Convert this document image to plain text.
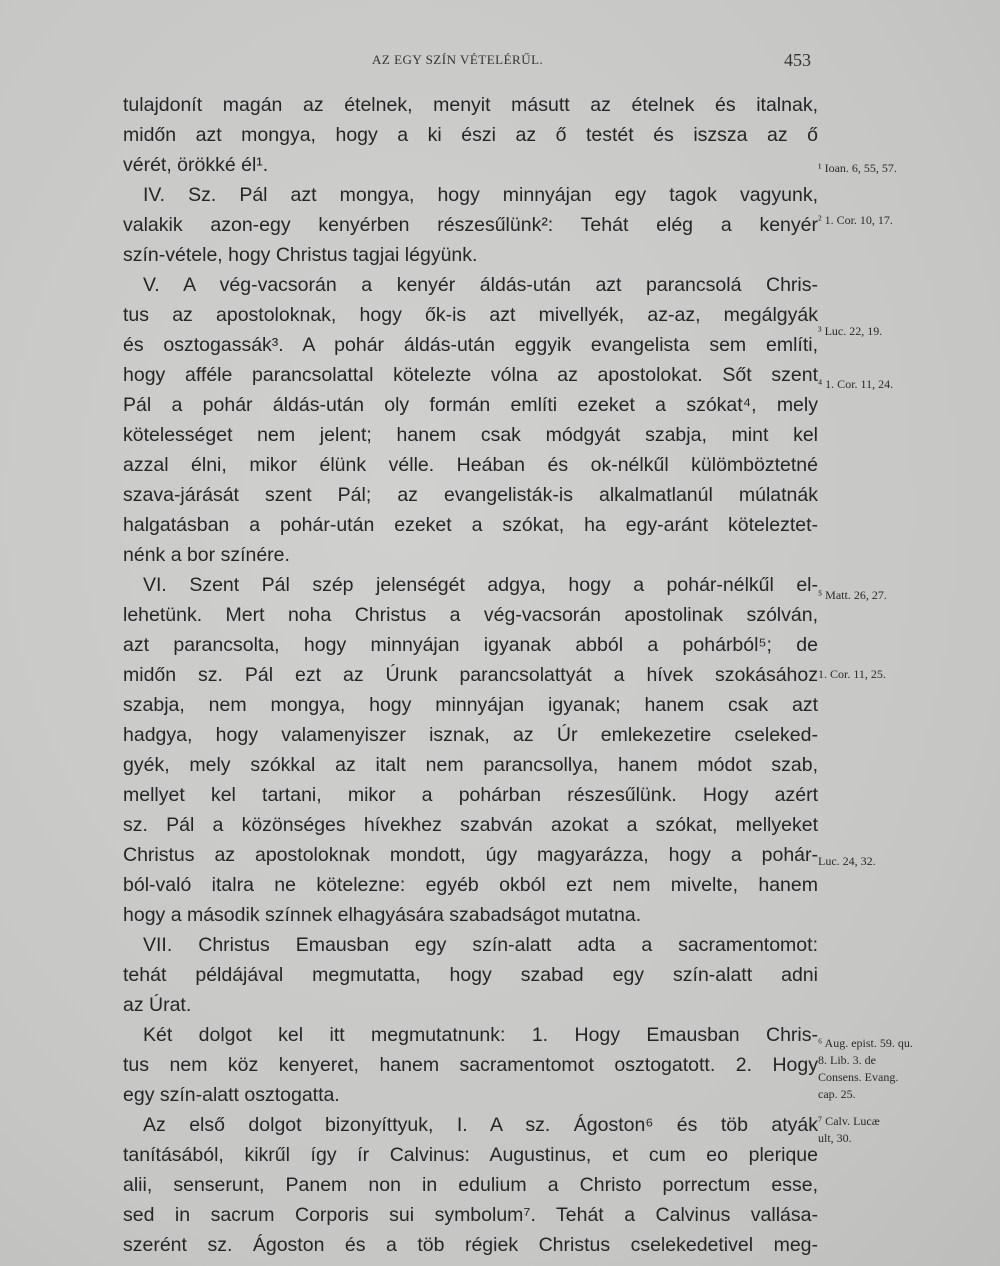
AZ EGY SZÍN VÉTELÉRŰL.	453
tulajdonít magán az ételnek, menyit másutt az ételnek és italnak,
midőn azt mongya, hogy a ki észi az ő testét és iszsza az ő
vérét, örökké él¹.
IV. Sz. Pál azt mongya, hogy minnyájan egy tagok vagyunk,
valakik azon-egy kenyérben részesűlünk²: Tehát elég a kenyér
szín-vétele, hogy Christus tagjai légyünk.
V. A vég-vacsorán a kenyér áldás-után azt parancsolá Chris-
tus az apostoloknak, hogy ők-is azt mivellyék, az-az, megálgyák
és osztogassák³. A pohár áldás-után eggyik evangelista sem említi,
hogy afféle parancsolattal kötelezte vólna az apostolokat. Sőt szent
Pál a pohár áldás-után oly formán említi ezeket a szókat⁴, mely
kötelességet nem jelent; hanem csak módgyát szabja, mint kel
azzal élni, mikor élünk vélle. Heában és ok-nélkűl külömböztetné
szava-járását szent Pál; az evangelisták-is alkalmatlanúl múlatnák
halgatásban a pohár-után ezeket a szókat, ha egy-aránt köteleztet-
nénk a bor színére.
VI. Szent Pál szép jelenségét adgya, hogy a pohár-nélkűl el-
lehetünk. Mert noha Christus a vég-vacsorán apostolinak szólván,
azt parancsolta, hogy minnyájan igyanak abból a pohárból⁵; de
midőn sz. Pál ezt az Úrunk parancsolattyát a hívek szokásához
szabja, nem mongya, hogy minnyájan igyanak; hanem csak azt
hadgya, hogy valamenyiszer isznak, az Úr emlekezetire cseleked-
gyék, mely szókkal az italt nem parancsollya, hanem módot szab,
mellyet kel tartani, mikor a pohárban részesűlünk. Hogy azért
sz. Pál a közönséges hívekhez szabván azokat a szókat, mellyeket
Christus az apostoloknak mondott, úgy magyarázza, hogy a pohár-
ból-való italra ne kötelezne: egyéb okból ezt nem mivelte, hanem
hogy a második színnek elhagyására szabadságot mutatna.
VII. Christus Emausban egy szín-alatt adta a sacramentomot:
tehát példájával megmutatta, hogy szabad egy szín-alatt adni
az Úrat.
Két dolgot kel itt megmutatnunk: 1. Hogy Emausban Chris-
tus nem köz kenyeret, hanem sacramentomot osztogatott. 2. Hogy
egy szín-alatt osztogatta.
Az első dolgot bizonyíttyuk, I. A sz. Ágoston⁶ és töb atyák
tanításából, kikrűl így ír Calvinus: Augustinus, et cum eo plerique
alii, senserunt, Panem non in edulium a Christo porrectum esse,
sed in sacrum Corporis sui symbolum⁷. Tehát a Calvinus vallása-
szerént sz. Ágoston és a töb régiek Christus cselekedetivel meg-
¹ Ioan. 6, 55, 57.
² 1. Cor. 10, 17.
³ Luc. 22, 19.
⁴ 1. Cor. 11, 24.
⁵ Matt. 26, 27.
1. Cor. 11, 25.
Luc. 24, 32.
⁶ Aug. epist. 59. qu. 8. Lib. 3. de Consens. Evang. cap. 25.
⁷ Calv. Lucæ ult, 30.
